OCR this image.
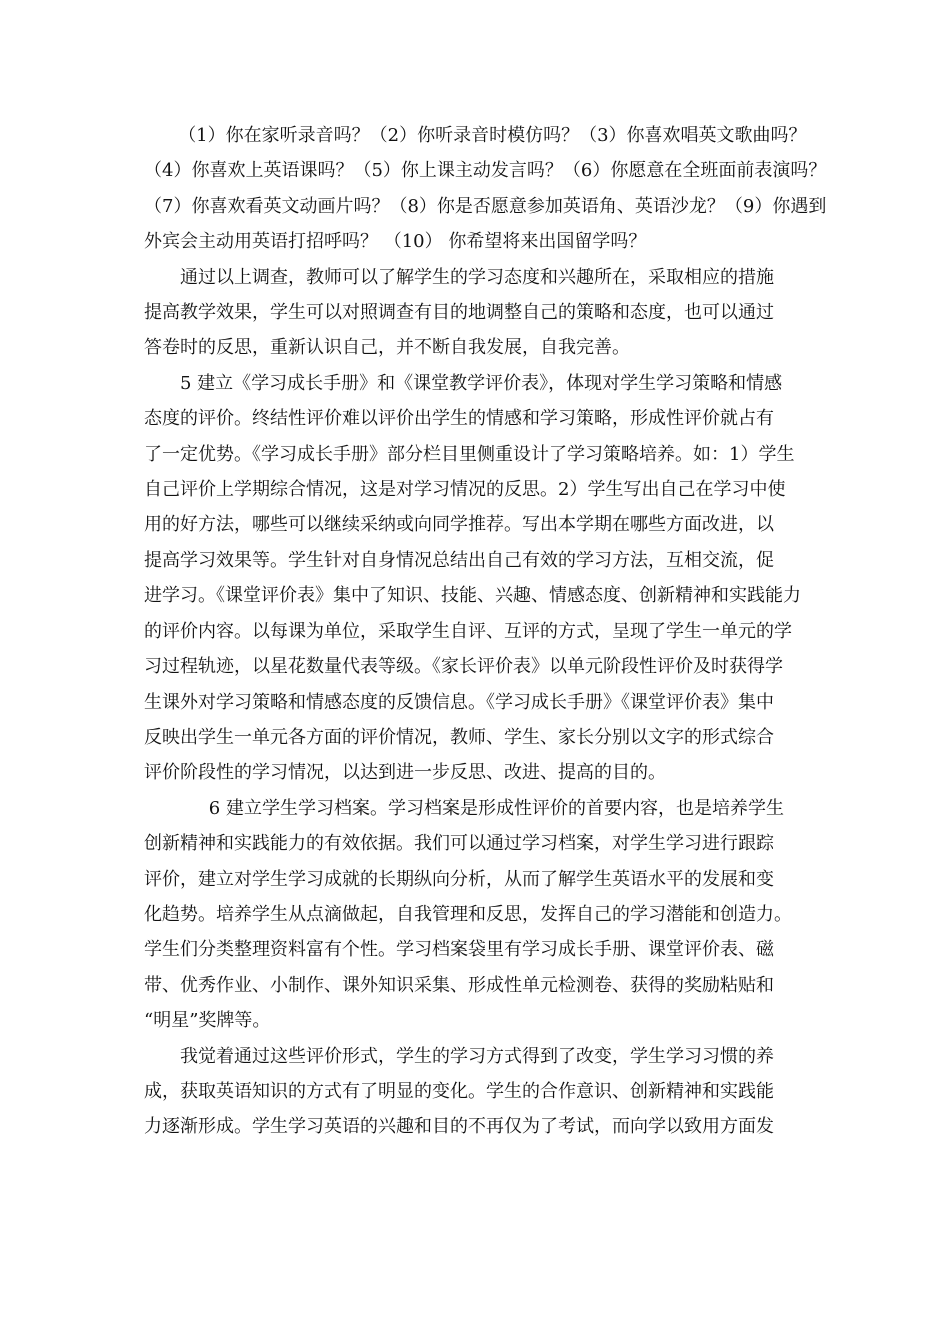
（1）你在家听录音吗？（2）你听录音时模仿吗？（3）你喜欢唱英文歌曲吗？
（4）你喜欢上英语课吗？（5）你上课主动发言吗？（6）你愿意在全班面前表演吗？
（7）你喜欢看英文动画片吗？（8）你是否愿意参加英语角、英语沙龙？（9）你遇到
外宾会主动用英语打招呼吗？ （10） 你希望将来出国留学吗？

通过以上调查，教师可以了解学生的学习态度和兴趣所在，采取相应的措施
提高教学效果，学生可以对照调查有目的地调整自己的策略和态度，也可以通过
答卷时的反思，重新认识自己，并不断自我发展，自我完善。

5 建立《学习成长手册》和《课堂教学评价表》，体现对学生学习策略和情感
态度的评价。终结性评价难以评价出学生的情感和学习策略，形成性评价就占有
了一定优势。《学习成长手册》部分栏目里侧重设计了学习策略培养。如：1）学生
自己评价上学期综合情况，这是对学习情况的反思。2）学生写出自己在学习中使
用的好方法，哪些可以继续采纳或向同学推荐。写出本学期在哪些方面改进，以
提高学习效果等。学生针对自身情况总结出自己有效的学习方法，互相交流，促
进学习。《课堂评价表》集中了知识、技能、兴趣、情感态度、创新精神和实践能力
的评价内容。以每课为单位，采取学生自评、互评的方式，呈现了学生一单元的学
习过程轨迹，以星花数量代表等级。《家长评价表》以单元阶段性评价及时获得学
生课外对学习策略和情感态度的反馈信息。《学习成长手册》《课堂评价表》集中
反映出学生一单元各方面的评价情况，教师、学生、家长分别以文字的形式综合
评价阶段性的学习情况，以达到进一步反思、改进、提高的目的。

6 建立学生学习档案。学习档案是形成性评价的首要内容，也是培养学生
创新精神和实践能力的有效依据。我们可以通过学习档案，对学生学习进行跟踪
评价，建立对学生学习成就的长期纵向分析，从而了解学生英语水平的发展和变
化趋势。培养学生从点滴做起，自我管理和反思，发挥自己的学习潜能和创造力。
学生们分类整理资料富有个性。学习档案袋里有学习成长手册、课堂评价表、磁
带、优秀作业、小制作、课外知识采集、形成性单元检测卷、获得的奖励粘贴和
“明星”奖牌等。

我觉着通过这些评价形式，学生的学习方式得到了改变，学生学习习惯的养
成，获取英语知识的方式有了明显的变化。学生的合作意识、创新精神和实践能
力逐渐形成。学生学习英语的兴趣和目的不再仅为了考试，而向学以致用方面发
